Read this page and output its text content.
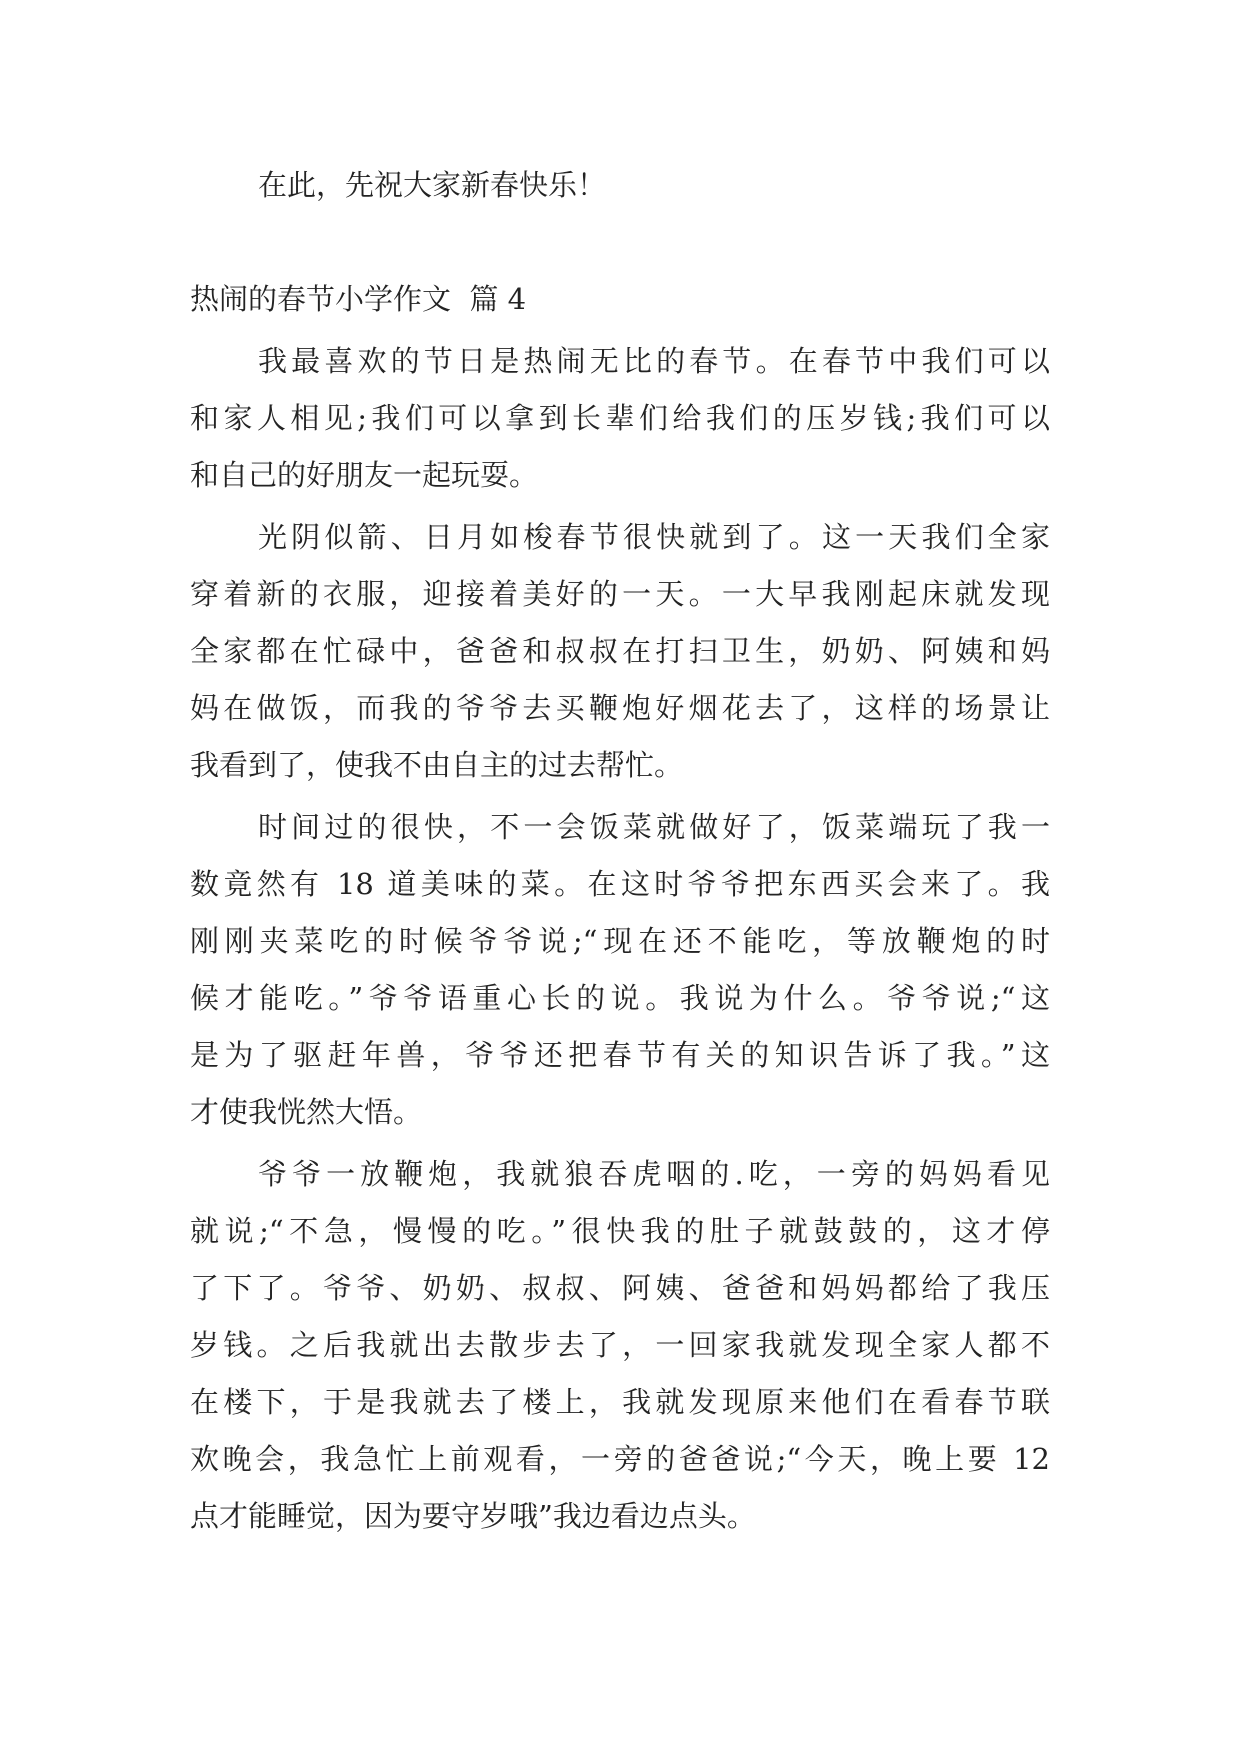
在此，先祝大家新春快乐！
热闹的春节小学作文  篇 4
我最喜欢的节日是热闹无比的春节。在春节中我们可以
和家人相见;我们可以拿到长辈们给我们的压岁钱;我们可以
和自己的好朋友一起玩耍。
光阴似箭、日月如梭春节很快就到了。这一天我们全家
穿着新的衣服，迎接着美好的一天。一大早我刚起床就发现
全家都在忙碌中，爸爸和叔叔在打扫卫生，奶奶、阿姨和妈
妈在做饭，而我的爷爷去买鞭炮好烟花去了，这样的场景让
我看到了，使我不由自主的过去帮忙。
时间过的很快，不一会饭菜就做好了，饭菜端玩了我一
数竟然有 18 道美味的菜。在这时爷爷把东西买会来了。我
刚刚夹菜吃的时候爷爷说;“现在还不能吃，等放鞭炮的时
候才能吃。”爷爷语重心长的说。我说为什么。爷爷说;“这
是为了驱赶年兽，爷爷还把春节有关的知识告诉了我。”这
才使我恍然大悟。
爷爷一放鞭炮，我就狼吞虎咽的.吃，一旁的妈妈看见
就说;“不急，慢慢的吃。”很快我的肚子就鼓鼓的，这才停
了下了。爷爷、奶奶、叔叔、阿姨、爸爸和妈妈都给了我压
岁钱。之后我就出去散步去了，一回家我就发现全家人都不
在楼下，于是我就去了楼上，我就发现原来他们在看春节联
欢晚会，我急忙上前观看，一旁的爸爸说;“今天，晚上要 12
点才能睡觉，因为要守岁哦”我边看边点头。
